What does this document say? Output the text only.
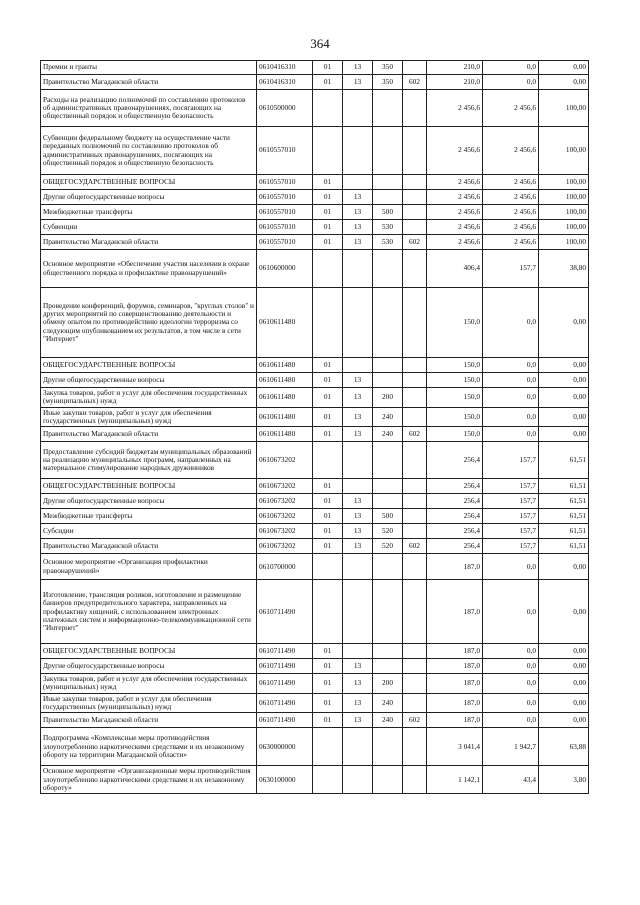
364
Премии и гранты	0610416310	01	13	350		210,0	0,0	0,00
Правительство Магаданской области	0610416310	01	13	350	602	210,0	0,0	0,00
Расходы на реализацию полномочий по составлению протоколов об административных правонарушениях, посягающих на общественный порядок и общественную безопасность	0610500000					2 456,6	2 456,6	100,00
Субвенции федеральному бюджету на осуществление части переданных полномочий по составлению протоколов об административных правонарушениях, посягающих на общественный порядок и общественную безопасность	0610557010					2 456,6	2 456,6	100,00
ОБЩЕГОСУДАРСТВЕННЫЕ ВОПРОСЫ	0610557010	01				2 456,6	2 456,6	100,00
Другие общегосударственные вопросы	0610557010	01	13			2 456,6	2 456,6	100,00
Межбюджетные трансферты	0610557010	01	13	500		2 456,6	2 456,6	100,00
Субвенции	0610557010	01	13	530		2 456,6	2 456,6	100,00
Правительство Магаданской области	0610557010	01	13	530	602	2 456,6	2 456,6	100,00
Основное мероприятие «Обеспечение участия населения в охране общественного порядка и профилактике правонарушений»	0610600000					406,4	157,7	38,80
Проведение конференций, форумов, семинаров, "круглых столов" и других мероприятий по совершенствованию деятельности и обмену опытом по противодействию идеологии терроризма со следующим опубликованием их результатов, в том числе в сети "Интернет"	0610611480					150,0	0,0	0,00
ОБЩЕГОСУДАРСТВЕННЫЕ ВОПРОСЫ	0610611480	01				150,0	0,0	0,00
Другие общегосударственные вопросы	0610611480	01	13			150,0	0,0	0,00
Закупка товаров, работ и услуг для обеспечения государственных (муниципальных) нужд	0610611480	01	13	200		150,0	0,0	0,00
Иные закупки товаров, работ и услуг для обеспечения государственных (муниципальных) нужд	0610611480	01	13	240		150,0	0,0	0,00
Правительство Магаданской области	0610611480	01	13	240	602	150,0	0,0	0,00
Предоставление субсидий бюджетам муниципальных образований на реализацию муниципальных программ, направленных на материальное стимулирование народных дружинников	0610673202					256,4	157,7	61,51
ОБЩЕГОСУДАРСТВЕННЫЕ ВОПРОСЫ	0610673202	01				256,4	157,7	61,51
Другие общегосударственные вопросы	0610673202	01	13			256,4	157,7	61,51
Межбюджетные трансферты	0610673202	01	13	500		256,4	157,7	61,51
Субсидии	0610673202	01	13	520		256,4	157,7	61,51
Правительство Магаданской области	0610673202	01	13	520	602	256,4	157,7	61,51
Основное мероприятие «Организация профилактики правонарушений»	0610700000					187,0	0,0	0,00
Изготовление, трансляция роликов, изготовление и размещение баннеров предупредительного характера, направленных на профилактику хищений, с использованием электронных платежных систем и информационно-телекоммуникационной сети "Интернет"	0610711490					187,0	0,0	0,00
ОБЩЕГОСУДАРСТВЕННЫЕ ВОПРОСЫ	0610711490	01				187,0	0,0	0,00
Другие общегосударственные вопросы	0610711490	01	13			187,0	0,0	0,00
Закупка товаров, работ и услуг для обеспечения государственных (муниципальных) нужд	0610711490	01	13	200		187,0	0,0	0,00
Иные закупки товаров, работ и услуг для обеспечения государственных (муниципальных) нужд	0610711490	01	13	240		187,0	0,0	0,00
Правительство Магаданской области	0610711490	01	13	240	602	187,0	0,0	0,00
Подпрограмма «Комплексные меры противодействия злоупотреблению наркотическими средствами и их незаконному обороту на территории Магаданской области»	0630000000					3 041,4	1 942,7	63,88
Основное мероприятие «Организационные меры противодействия злоупотреблению наркотическими средствами и их незаконному обороту»	0630100000					1 142,1	43,4	3,80
